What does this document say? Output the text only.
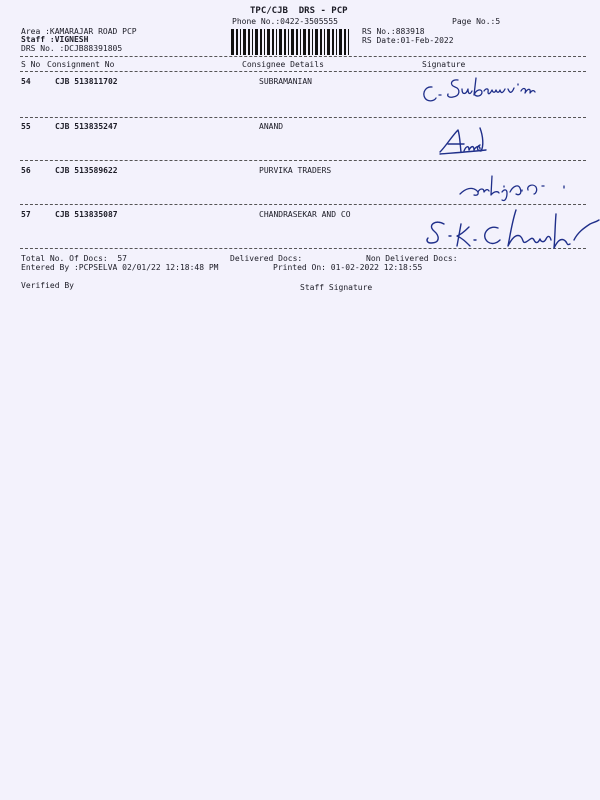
TPC/CJB  DRS - PCP
Phone No.:0422-3505555	Page No.:5
Area :KAMARAJAR ROAD PCP
Staff :VIGNESH
DRS No. :DCJB88391805
RS No.:883918
RS Date:01-Feb-2022
S No Consignment No	Consignee Details	Signature
54	CJB 513811702	SUBRAMANIAN
55	CJB 513835247	ANAND
56	CJB 513589622	PURVIKA TRADERS
57	CJB 513835087	CHANDRASEKAR AND CO
Total No. Of Docs:  57	Delivered Docs:	Non Delivered Docs:
Entered By :PCPSELVA 02/01/22 12:18:48 PM	Printed On: 01-02-2022 12:18:55
Verified By	Staff Signature
